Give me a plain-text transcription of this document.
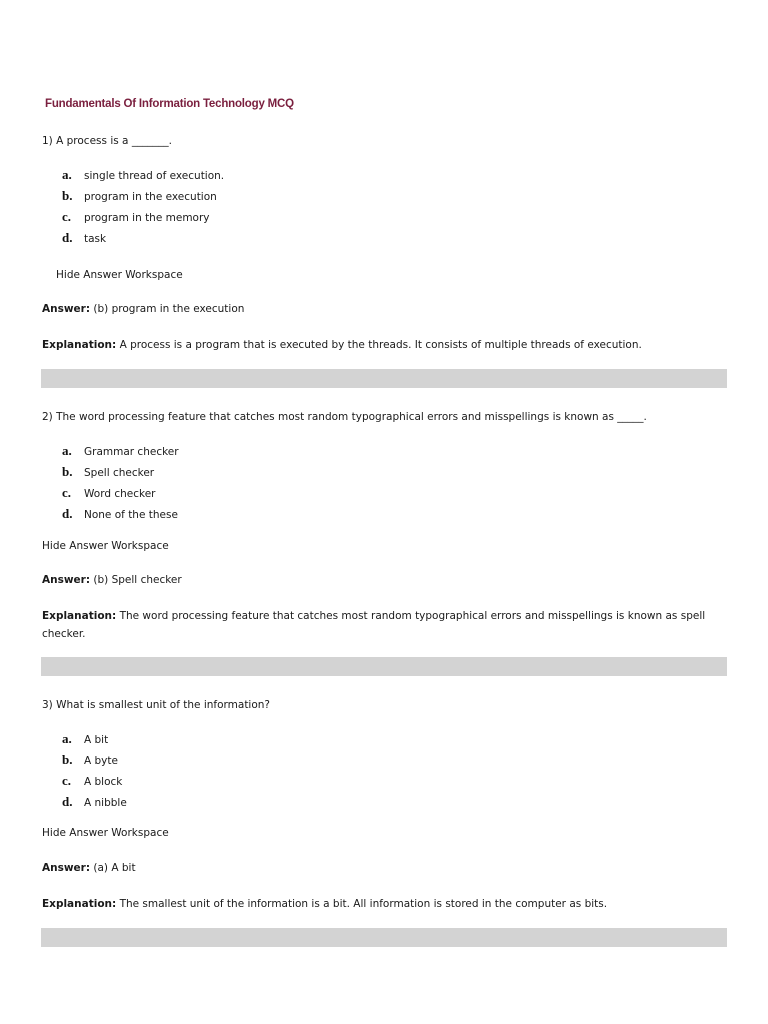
Fundamentals Of Information Technology MCQ

1) A process is a _______.

a. single thread of execution.
b. program in the execution
c. program in the memory
d. task
Hide Answer Workspace
Answer: (b) program in the execution
Explanation: A process is a program that is executed by the threads. It consists of multiple threads of execution.

2) The word processing feature that catches most random typographical errors and misspellings is known as _____.

a. Grammar checker
b. Spell checker
c. Word checker
d. None of the these
Hide Answer Workspace
Answer: (b) Spell checker
Explanation: The word processing feature that catches most random typographical errors and misspellings is known as spell checker.

3) What is smallest unit of the information?

a. A bit
b. A byte
c. A block
d. A nibble
Hide Answer Workspace
Answer: (a) A bit
Explanation: The smallest unit of the information is a bit. All information is stored in the computer as bits.
